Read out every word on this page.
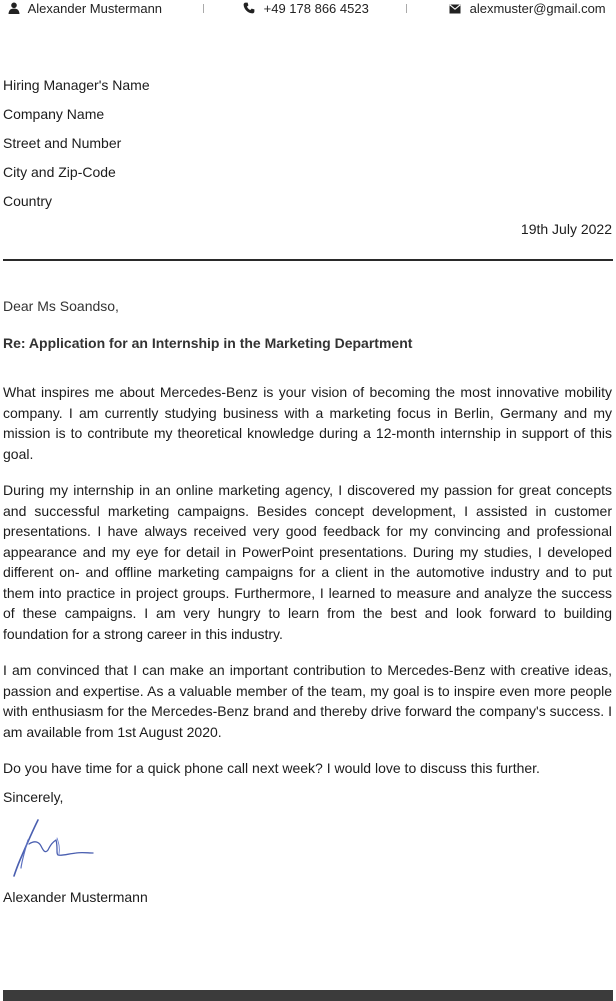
Alexander Mustermann	+49 178 866 4523	alexmuster@gmail.com
Hiring Manager's Name
Company Name
Street and Number
City and Zip-Code
Country
19th July 2022
Dear Ms Soandso,
Re: Application for an Internship in the Marketing Department

What inspires me about Mercedes-Benz is your vision of becoming the most innovative mobility company. I am currently studying business with a marketing focus in Berlin, Germany and my mission is to contribute my theoretical knowledge during a 12-month internship in support of this goal.

During my internship in an online marketing agency, I discovered my passion for great concepts and successful marketing campaigns. Besides concept development, I assisted in customer presentations. I have always received very good feedback for my convincing and professional appearance and my eye for detail in PowerPoint presentations. During my studies, I developed different on- and offline marketing campaigns for a client in the automotive industry and to put them into practice in project groups. Furthermore, I learned to measure and analyze the success of these campaigns. I am very hungry to learn from the best and look forward to building foundation for a strong career in this industry.

I am convinced that I can make an important contribution to Mercedes-Benz with creative ideas, passion and expertise. As a valuable member of the team, my goal is to inspire even more people with enthusiasm for the Mercedes-Benz brand and thereby drive forward the company's success. I am available from 1st August 2020.

Do you have time for a quick phone call next week? I would love to discuss this further.

Sincerely,
Alexander Mustermann
